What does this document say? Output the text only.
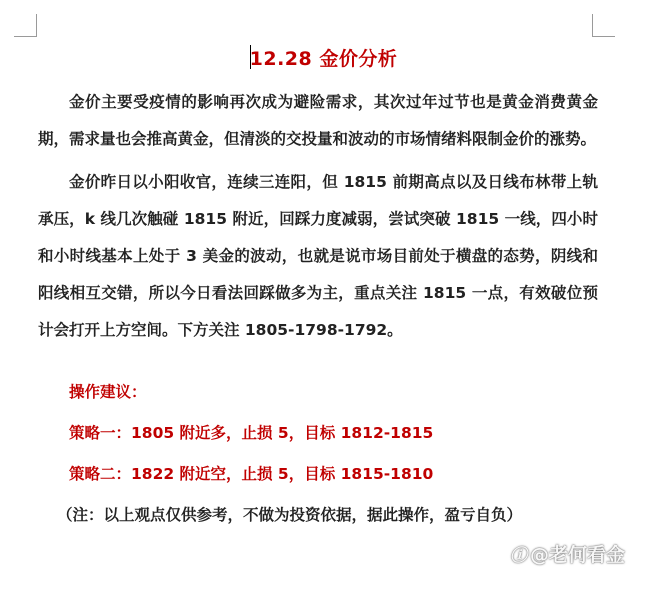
12.28 金价分析

金价主要受疫情的影响再次成为避险需求，其次过年过节也是黄金消费黄金期，需求量也会推高黄金，但清淡的交投量和波动的市场情绪料限制金价的涨势。

金价昨日以小阳收官，连续三连阳，但 1815 前期高点以及日线布林带上轨承压，k 线几次触碰 1815 附近，回踩力度减弱，尝试突破 1815 一线，四小时和小时线基本上处于 3 美金的波动，也就是说市场目前处于横盘的态势，阴线和阳线相互交错，所以今日看法回踩做多为主，重点关注 1815 一点，有效破位预计会打开上方空间。下方关注 1805-1798-1792。

操作建议：
策略一：1805 附近多，止损 5，目标 1812-1815
策略二：1822 附近空，止损 5，目标 1815-1810
（注：以上观点仅供参考，不做为投资依据，据此操作，盈亏自负）
ⓘ @老何看金
